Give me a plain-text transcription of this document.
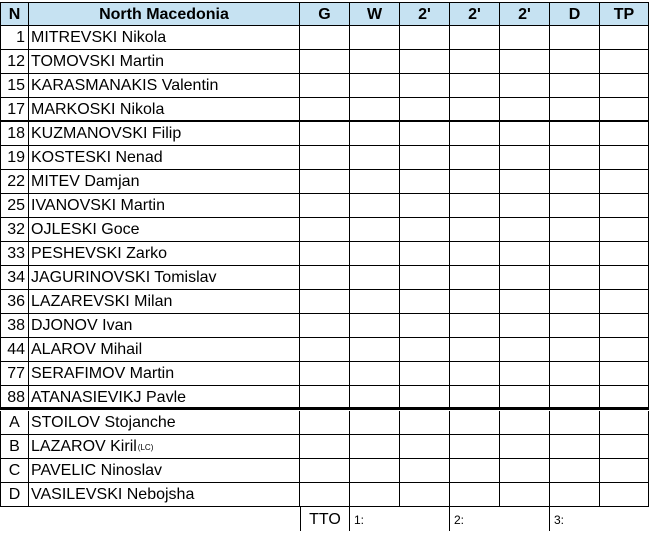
N	North Macedonia	G	W	2'	2'	2'	D	TP
1 MITREVSKI Nikola
12 TOMOVSKI Martin
15 KARASMANAKIS Valentin
17 MARKOSKI Nikola
18 KUZMANOVSKI Filip
19 KOSTESKI Nenad
22 MITEV Damjan
25 IVANOVSKI Martin
32 OJLESKI Goce
33 PESHEVSKI Zarko
34 JAGURINOVSKI Tomislav
36 LAZAREVSKI Milan
38 DJONOV Ivan
44 ALAROV Mihail
77 SERAFIMOV Martin
88 ATANASIEVIKJ Pavle
A STOILOV Stojanche
B LAZAROV Kiril(LC)
C PAVELIC Ninoslav
D VASILEVSKI Nebojsha
TTO	1:	2:	3:
